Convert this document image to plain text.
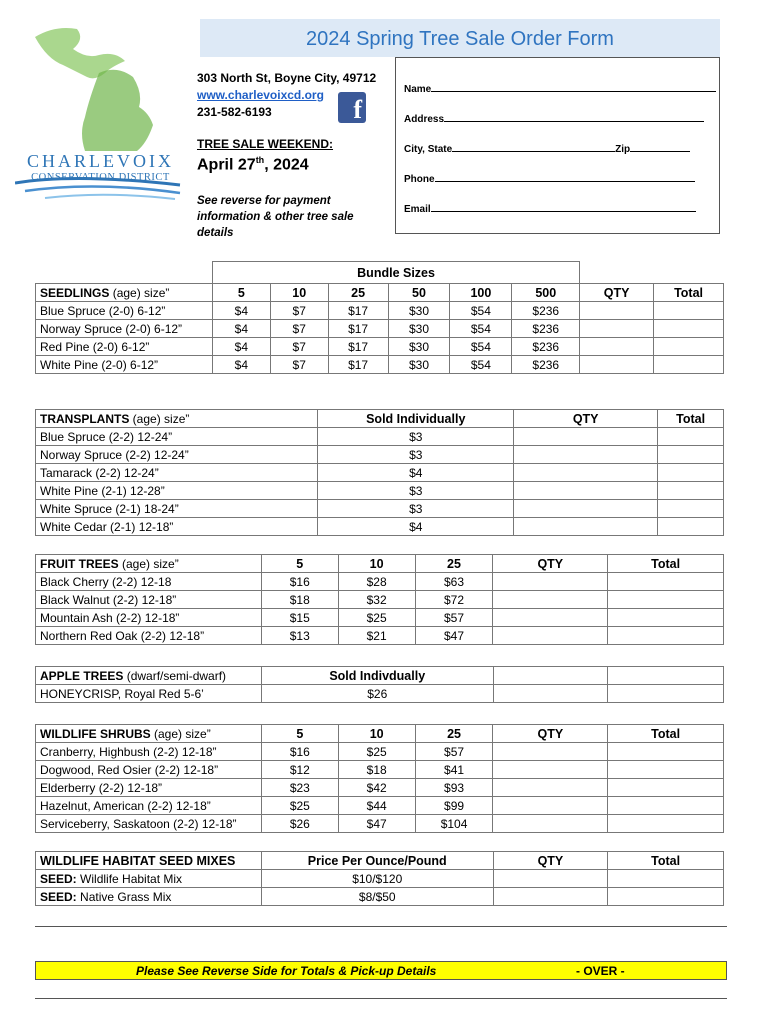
CHARLEVOIX
CONSERVATION DISTRICT
2024 Spring Tree Sale Order Form
303 North St, Boyne City, 49712
www.charlevoixcd.org
231-582-6193	f
TREE SALE WEEKEND:
April 27th, 2024
See reverse for payment information & other tree sale details
Name
Address
City, State	Zip
Phone
Email
	Bundle Sizes							
SEEDLINGS (age) size”	5	10	25	50	100	500	QTY	Total
Blue Spruce (2-0) 6-12”	$4	$7	$17	$30	$54	$236		
Norway Spruce (2-0) 6-12”	$4	$7	$17	$30	$54	$236		
Red Pine (2-0) 6-12”	$4	$7	$17	$30	$54	$236		
White Pine (2-0) 6-12”	$4	$7	$17	$30	$54	$236		
TRANSPLANTS (age) size”	Sold Individually	QTY	Total
Blue Spruce (2-2) 12-24”	$3		
Norway Spruce (2-2) 12-24”	$3		
Tamarack (2-2) 12-24”	$4		
White Pine (2-1) 12-28”	$3		
White Spruce (2-1) 18-24”	$3		
White Cedar (2-1) 12-18”	$4		
FRUIT TREES (age) size”	5	10	25	QTY	Total
Black Cherry (2-2) 12-18	$16	$28	$63		
Black Walnut (2-2) 12-18”	$18	$32	$72		
Mountain Ash (2-2) 12-18”	$15	$25	$57		
Northern Red Oak (2-2) 12-18”	$13	$21	$47		
APPLE TREES (dwarf/semi-dwarf)	Sold Indivdually		
HONEYCRISP, Royal Red 5-6’	$26		
WILDLIFE SHRUBS (age) size”	5	10	25	QTY	Total
Cranberry, Highbush (2-2) 12-18”	$16	$25	$57		
Dogwood, Red Osier (2-2) 12-18”	$12	$18	$41		
Elderberry (2-2) 12-18”	$23	$42	$93		
Hazelnut, American (2-2) 12-18”	$25	$44	$99		
Serviceberry, Saskatoon (2-2) 12-18”	$26	$47	$104		
WILDLIFE HABITAT SEED MIXES	Price Per Ounce/Pound	QTY	Total
SEED: Wildlife Habitat Mix	$10/$120		
SEED: Native Grass Mix	$8/$50		
Please See Reverse Side for Totals & Pick-up Details	- OVER -
